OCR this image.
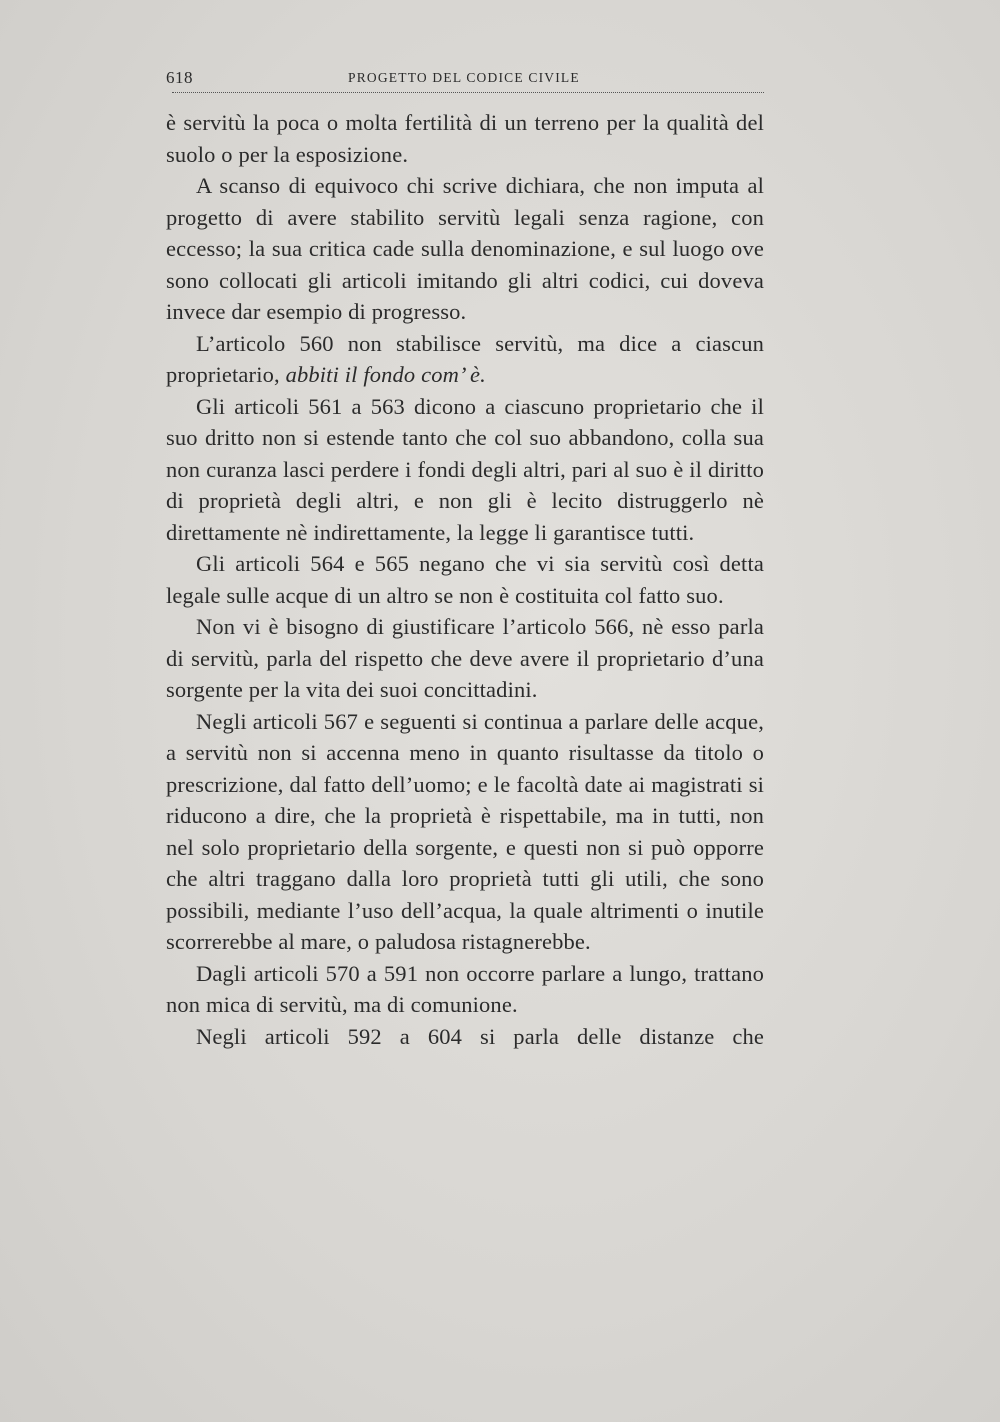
618	PROGETTO DEL CODICE CIVILE

è servitù la poca o molta fertilità di un terreno per la qualità del suolo o per la esposizione.

A scanso di equivoco chi scrive dichiara, che non imputa al progetto di avere stabilito servitù legali senza ragione, con eccesso; la sua critica cade sulla denominazione, e sul luogo ove sono collocati gli articoli imitando gli altri codici, cui doveva invece dar esempio di progresso.

L’articolo 560 non stabilisce servitù, ma dice a ciascun proprietario, abbiti il fondo com’ è.

Gli articoli 561 a 563 dicono a ciascuno proprietario che il suo dritto non si estende tanto che col suo abbandono, colla sua non curanza lasci perdere i fondi degli altri, pari al suo è il diritto di proprietà degli altri, e non gli è lecito distruggerlo nè direttamente nè indirettamente, la legge li garantisce tutti.

Gli articoli 564 e 565 negano che vi sia servitù così detta legale sulle acque di un altro se non è costituita col fatto suo.

Non vi è bisogno di giustificare l’articolo 566, nè esso parla di servitù, parla del rispetto che deve avere il proprietario d’una sorgente per la vita dei suoi concittadini.

Negli articoli 567 e seguenti si continua a parlare delle acque, a servitù non si accenna meno in quanto risultasse da titolo o prescrizione, dal fatto dell’uomo; e le facoltà date ai magistrati si riducono a dire, che la proprietà è rispettabile, ma in tutti, non nel solo proprietario della sorgente, e questi non si può opporre che altri traggano dalla loro proprietà tutti gli utili, che sono possibili, mediante l’uso dell’acqua, la quale altrimenti o inutile scorrerebbe al mare, o paludosa ristagnerebbe.

Dagli articoli 570 a 591 non occorre parlare a lungo, trattano non mica di servitù, ma di comunione.

Negli articoli 592 a 604 si parla delle distanze che
